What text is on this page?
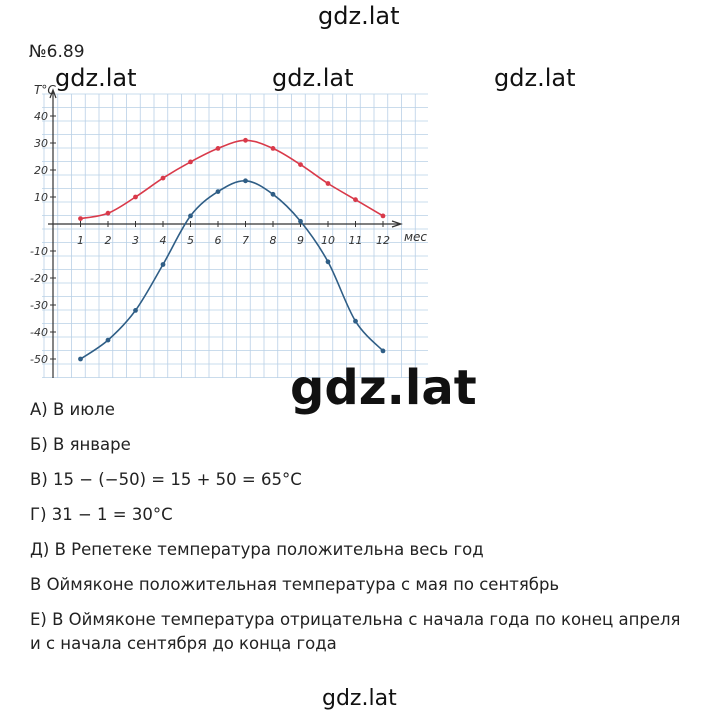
gdz.lat
№6.89
1 2 3 4 5 6 7 8 9 10 11 12
40
30
20
10
-10
-20
-30
-40
-50
T°C
мес
gdz.lat	gdz.lat	gdz.lat
gdz.lat

А) В июле

Б) В январе

В) 15 − (−50) = 15 + 50 = 65°C

Г) 31 − 1 = 30°C

Д) В Репетеке температура положительна весь год

В Оймяконе положительная температура с мая по сентябрь

Е) В Оймяконе температура отрицательна с начала года по конец апреля

и с начала сентября до конца года

gdz.lat
